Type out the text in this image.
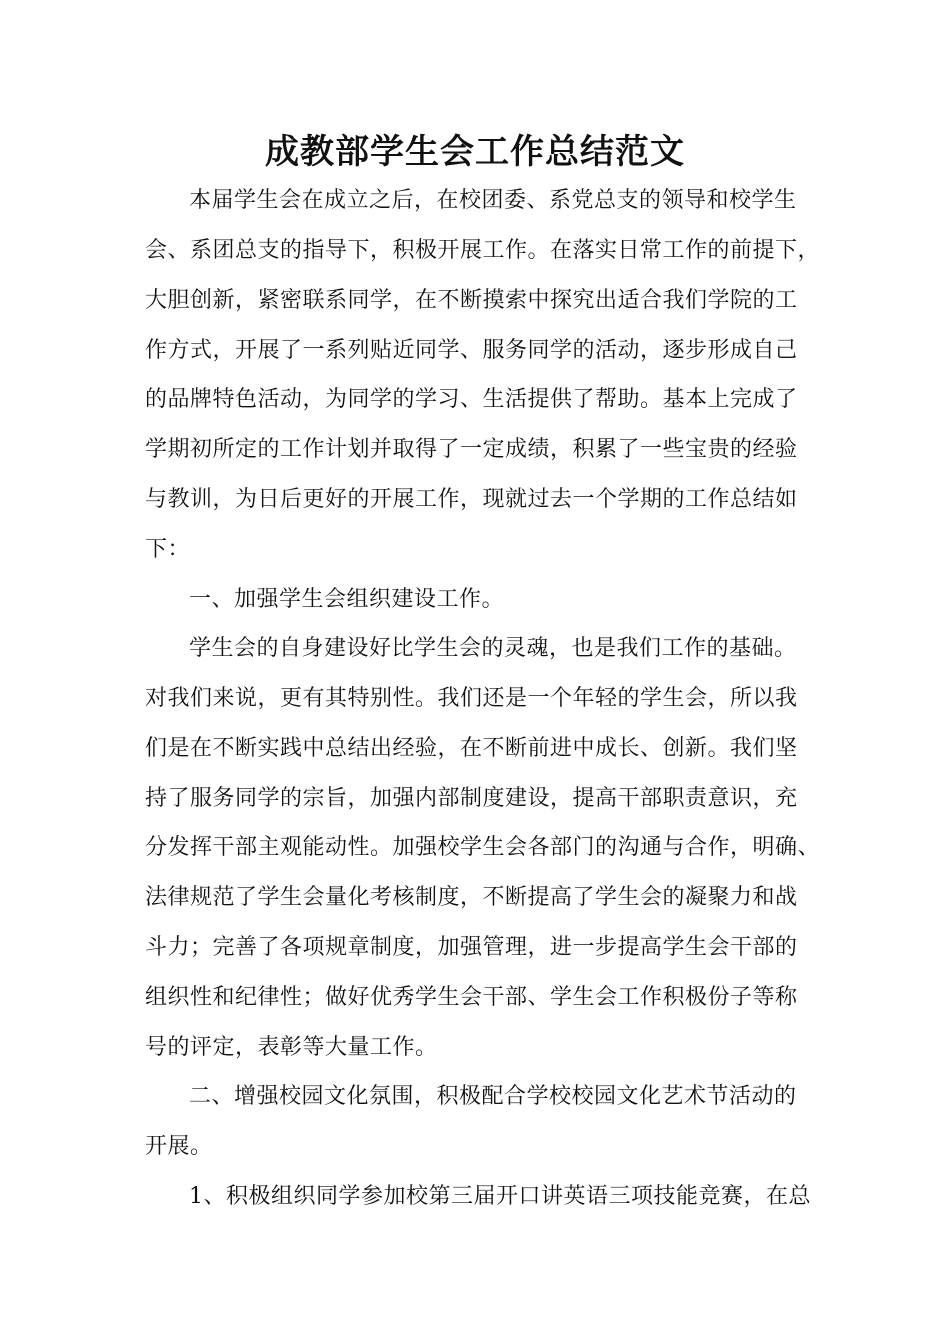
成教部学生会工作总结范文
本届学生会在成立之后，在校团委、系党总支的领导和校学生
会、系团总支的指导下，积极开展工作。在落实日常工作的前提下，
大胆创新，紧密联系同学，在不断摸索中探究出适合我们学院的工
作方式，开展了一系列贴近同学、服务同学的活动，逐步形成自己
的品牌特色活动，为同学的学习、生活提供了帮助。基本上完成了
学期初所定的工作计划并取得了一定成绩，积累了一些宝贵的经验
与教训，为日后更好的开展工作，现就过去一个学期的工作总结如
下：
一、加强学生会组织建设工作。
学生会的自身建设好比学生会的灵魂，也是我们工作的基础。
对我们来说，更有其特别性。我们还是一个年轻的学生会，所以我
们是在不断实践中总结出经验，在不断前进中成长、创新。我们坚
持了服务同学的宗旨，加强内部制度建设，提高干部职责意识，充
分发挥干部主观能动性。加强校学生会各部门的沟通与合作，明确、
法律规范了学生会量化考核制度，不断提高了学生会的凝聚力和战
斗力；完善了各项规章制度，加强管理，进一步提高学生会干部的
组织性和纪律性；做好优秀学生会干部、学生会工作积极份子等称
号的评定，表彰等大量工作。
二、增强校园文化氛围，积极配合学校校园文化艺术节活动的
开展。
1、积极组织同学参加校第三届开口讲英语三项技能竞赛，在总
